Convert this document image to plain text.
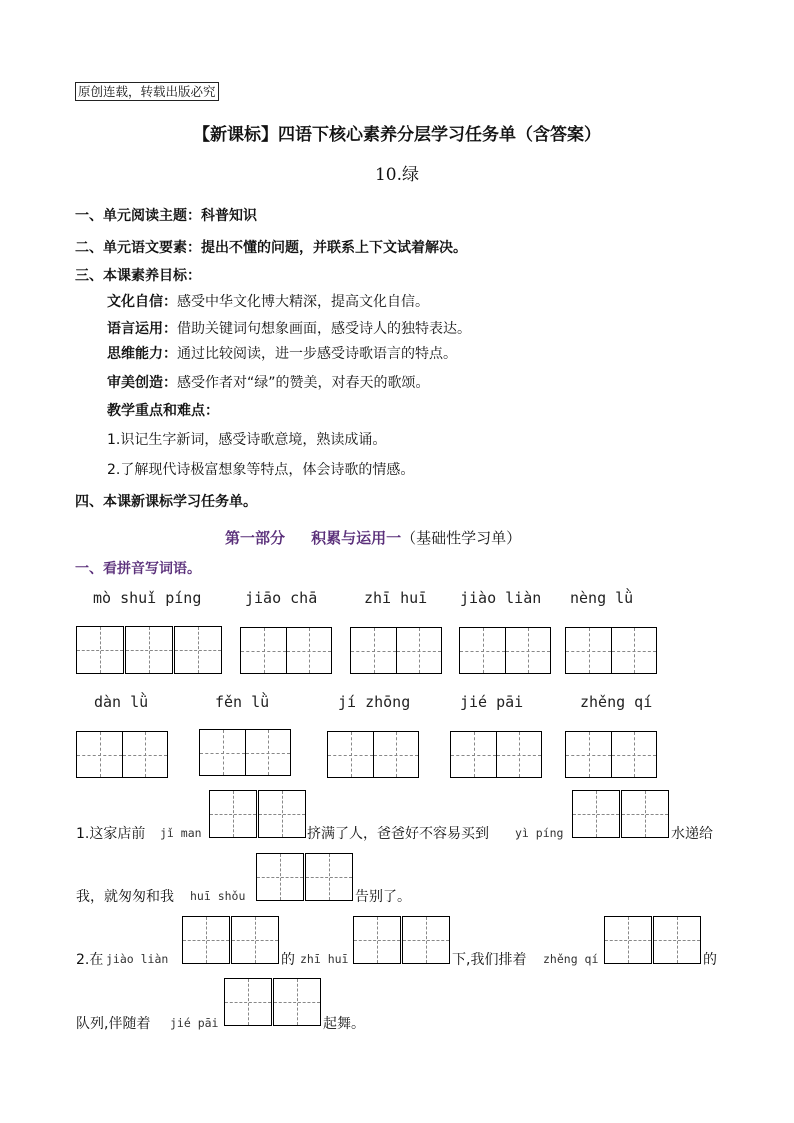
原创连载，转载出版必究
【新课标】四语下核心素养分层学习任务单（含答案）
10.绿
一、单元阅读主题：科普知识
二、单元语文要素：提出不懂的问题，并联系上下文试着解决。
三、本课素养目标：
文化自信：感受中华文化博大精深，提高文化自信。
语言运用：借助关键词句想象画面，感受诗人的独特表达。
思维能力：通过比较阅读，进一步感受诗歌语言的特点。
审美创造：感受作者对“绿”的赞美，对春天的歌颂。
教学重点和难点：
1.识记生字新词，感受诗歌意境，熟读成诵。
2.了解现代诗极富想象等特点，体会诗歌的情感。
四、本课新课标学习任务单。
第一部分 积累与运用一（基础性学习单）
一、看拼音写词语。
mò shuǐ píng	jiāo chā	zhī huī jiào liàn nèng lǜ
dàn lǜ	fěn lǜ	jí zhōng	jié pāi	zhěng qí
1.这家店前 jǐ man	挤满了人，爸爸好不容易买到 yì píng	水递给
我，就匆匆和我 huī shǒu	告别了。
2.在 jiào liàn	的 zhī huī	下,我们排着 zhěng qí	的
队列,伴随着 jié pāi	起舞。
